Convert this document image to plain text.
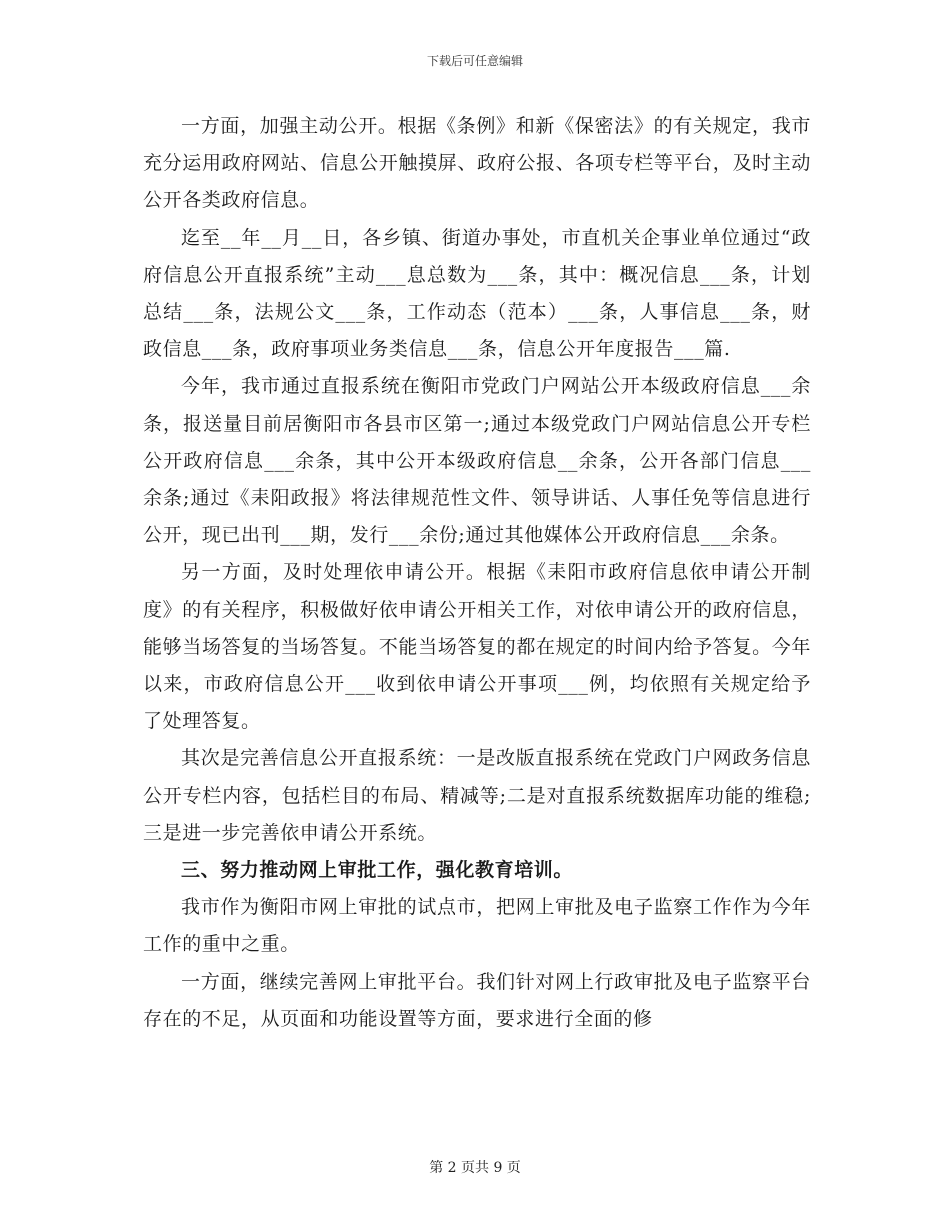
下载后可任意编辑

一方面，加强主动公开。根据《条例》和新《保密法》的有关规定，我市充分运用政府网站、信息公开触摸屏、政府公报、各项专栏等平台，及时主动公开各类政府信息。

迄至__年__月__日，各乡镇、街道办事处，市直机关企事业单位通过“政府信息公开直报系统”主动___息总数为___条，其中：概况信息___条，计划总结___条，法规公文___条，工作动态（范本）___条，人事信息___条，财政信息___条，政府事项业务类信息___条，信息公开年度报告___篇.

今年，我市通过直报系统在衡阳市党政门户网站公开本级政府信息___余条，报送量目前居衡阳市各县市区第一;通过本级党政门户网站信息公开专栏公开政府信息___余条，其中公开本级政府信息__余条，公开各部门信息___余条;通过《耒阳政报》将法律规范性文件、领导讲话、人事任免等信息进行公开，现已出刊___期，发行___余份;通过其他媒体公开政府信息___余条。

另一方面，及时处理依申请公开。根据《耒阳市政府信息依申请公开制度》的有关程序，积极做好依申请公开相关工作，对依申请公开的政府信息，能够当场答复的当场答复。不能当场答复的都在规定的时间内给予答复。今年以来，市政府信息公开___收到依申请公开事项___例，均依照有关规定给予了处理答复。

其次是完善信息公开直报系统：一是改版直报系统在党政门户网政务信息公开专栏内容，包括栏目的布局、精减等;二是对直报系统数据库功能的维稳;三是进一步完善依申请公开系统。

三、努力推动网上审批工作，强化教育培训。

我市作为衡阳市网上审批的试点市，把网上审批及电子监察工作作为今年工作的重中之重。

一方面，继续完善网上审批平台。我们针对网上行政审批及电子监察平台存在的不足，从页面和功能设置等方面，要求进行全面的修

第 2 页共 9 页
